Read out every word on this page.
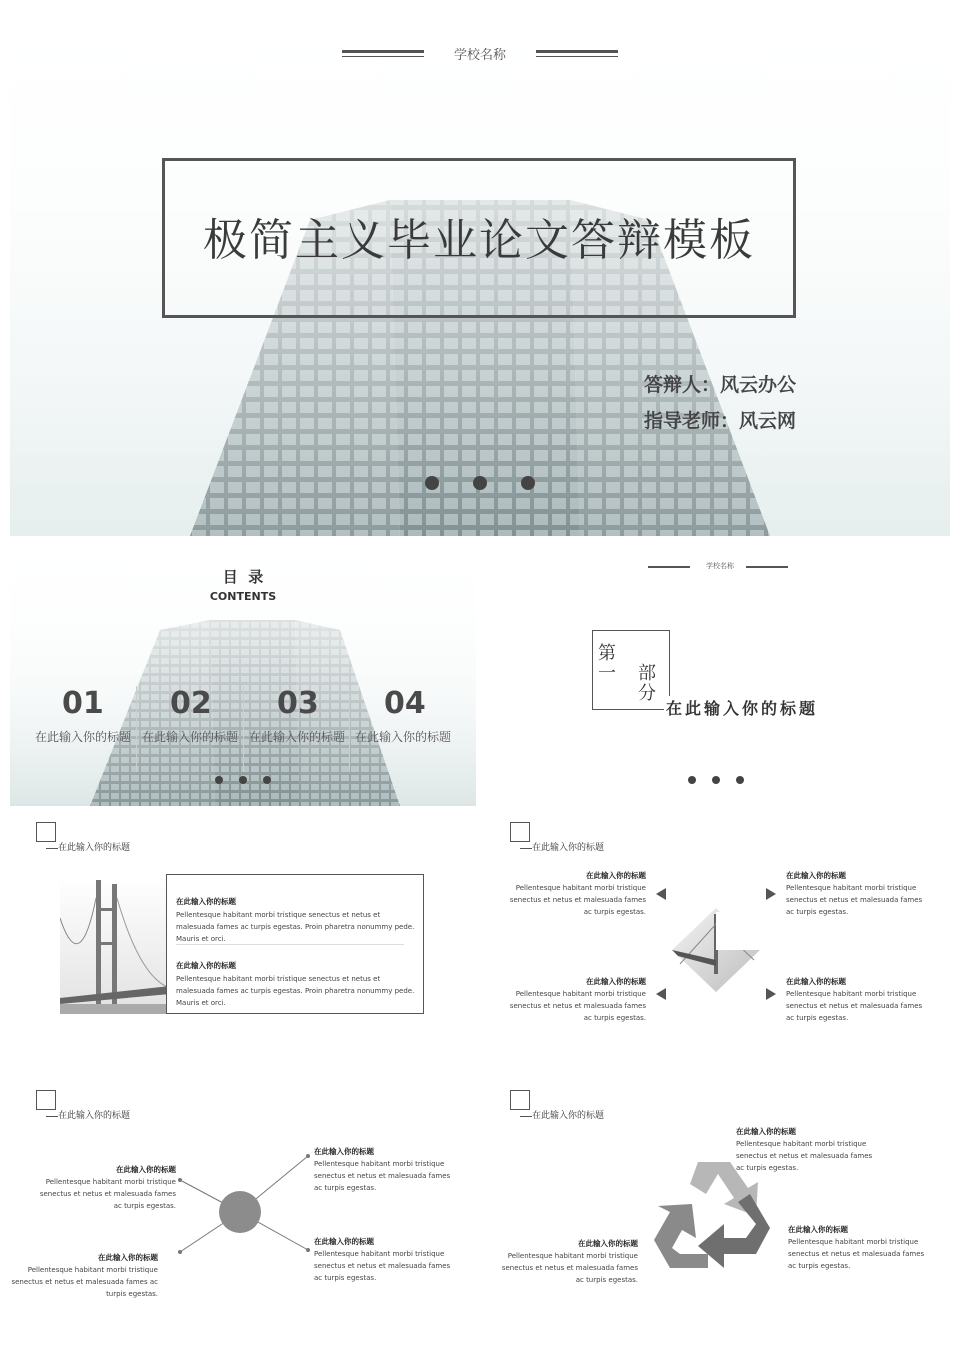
学校名称
极简主义毕业论文答辩模板
答辩人：风云办公
指导老师：风云网
目  录
CONTENTS
01
在此输入你的标题
02
在此输入你的标题
03
在此输入你的标题
04
在此输入你的标题
学校名称
第一 部分
在此输入你的标题
在此输入你的标题
在此输入你的标题
Pellentesque habitant morbi tristique senectus et netus et malesuada fames ac turpis egestas. Proin pharetra nonummy pede. Mauris et orci.
在此输入你的标题
Pellentesque habitant morbi tristique senectus et netus et malesuada fames ac turpis egestas. Proin pharetra nonummy pede. Mauris et orci.
在此输入你的标题
在此输入你的标题
Pellentesque habitant morbi tristique senectus et netus et malesuada fames ac turpis egestas.
在此输入你的标题
Pellentesque habitant morbi tristique senectus et netus et malesuada fames ac turpis egestas.
在此输入你的标题
Pellentesque habitant morbi tristique senectus et netus et malesuada fames ac turpis egestas.
在此输入你的标题
Pellentesque habitant morbi tristique senectus et netus et malesuada fames ac turpis egestas.
在此输入你的标题
在此输入你的标题
Pellentesque habitant morbi tristique senectus et netus et malesuada fames ac turpis egestas.
在此输入你的标题
Pellentesque habitant morbi tristique senectus et netus et malesuada fames ac turpis egestas.
在此输入你的标题
Pellentesque habitant morbi tristique senectus et netus et malesuada fames ac turpis egestas.
在此输入你的标题
Pellentesque habitant morbi tristique senectus et netus et malesuada fames ac turpis egestas.
在此输入你的标题
在此输入你的标题
Pellentesque habitant morbi tristique senectus et netus et malesuada fames ac turpis egestas.
在此输入你的标题
Pellentesque habitant morbi tristique senectus et netus et malesuada fames ac turpis egestas.
在此输入你的标题
Pellentesque habitant morbi tristique senectus et netus et malesuada fames ac turpis egestas.
